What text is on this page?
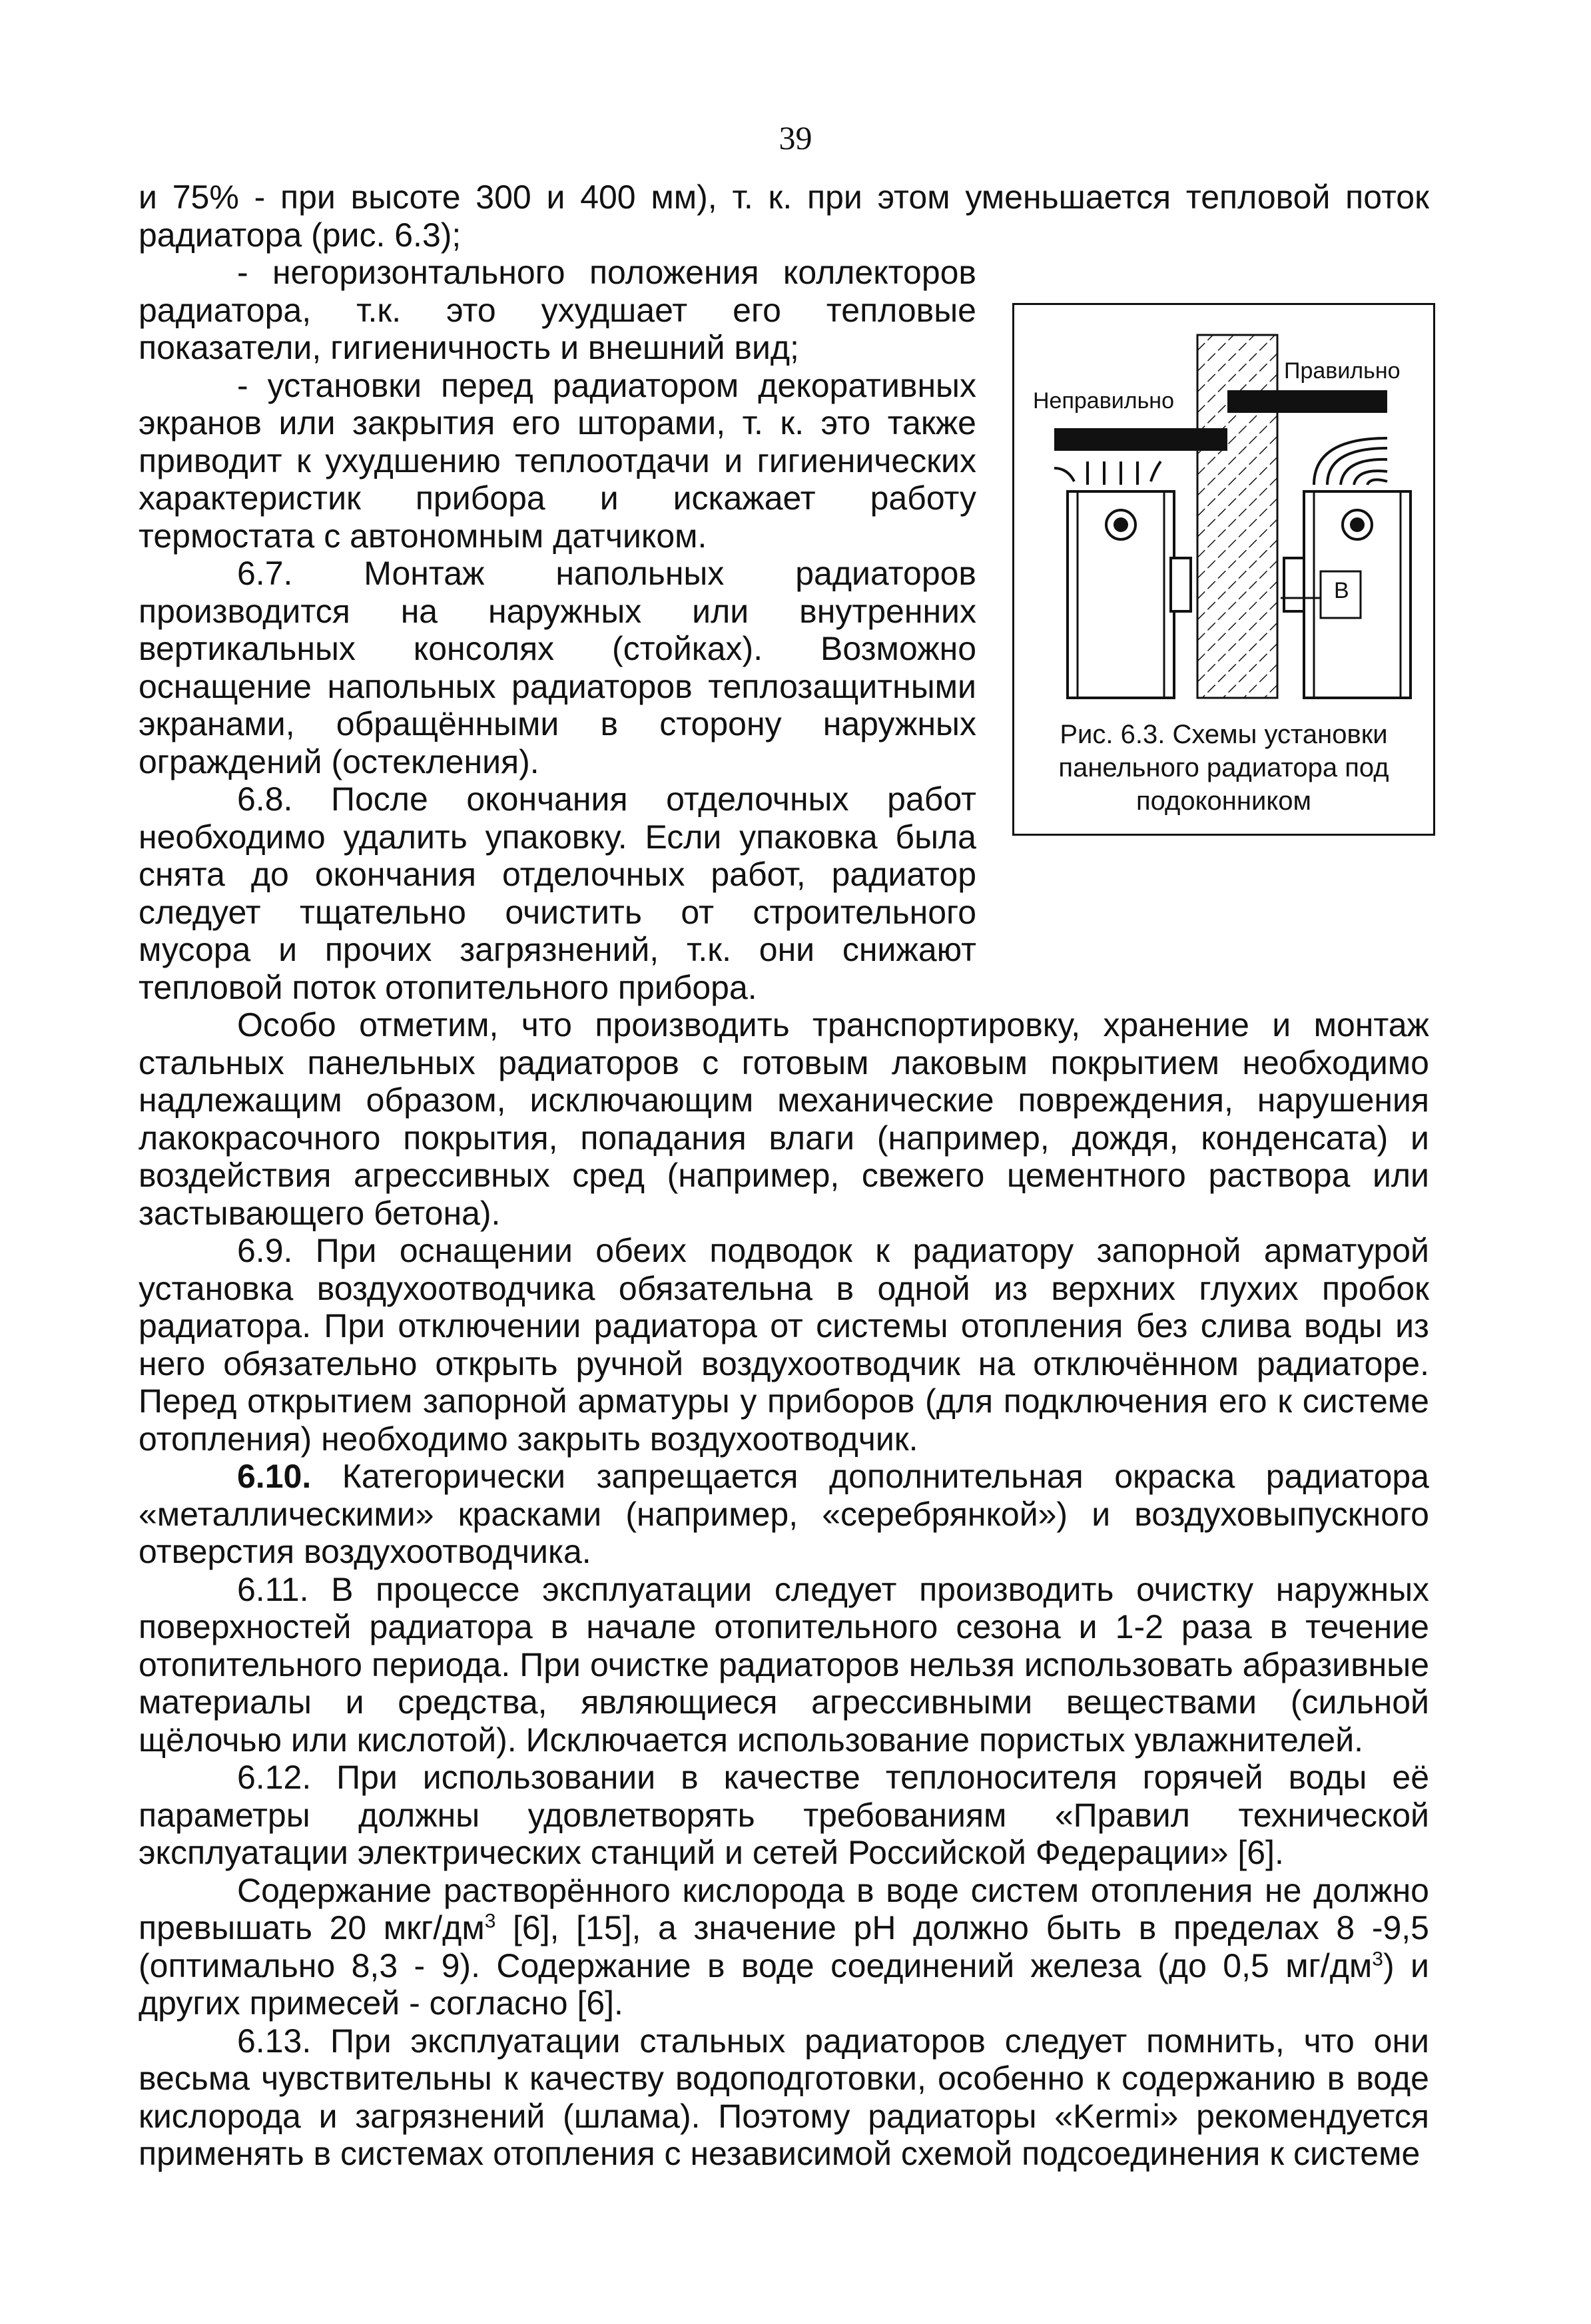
39
Правильно
Неправильно
B
Рис. 6.3. Схемы установки панельного радиатора под подоконником

и 75% - при высоте 300 и 400 мм), т. к. при этом уменьшается тепловой поток радиатора (рис. 6.3);

- негоризонтального положения коллекторов радиатора, т.к. это ухудшает его тепловые показатели, гигиеничность и внешний вид;

- установки перед радиатором декоративных экранов или закрытия его шторами, т. к. это также приводит к ухудшению теплоотдачи и гигиенических характеристик прибора и искажает работу термостата с автономным датчиком.

6.7. Монтаж напольных радиаторов производится на наружных или внутренних вертикальных консолях (стойках). Возможно оснащение напольных радиаторов теплозащитными экранами, обращёнными в сторону наружных ограждений (остекления).

6.8. После окончания отделочных работ необходимо удалить упаковку. Если упаковка была снята до окончания отделочных работ, радиатор следует тщательно очистить от строительного мусора и прочих загрязнений, т.к. они снижают тепловой поток отопительного прибора.

Особо отметим, что производить транспортировку, хранение и монтаж стальных панельных радиаторов с готовым лаковым покрытием необходимо надлежащим образом, исключающим механические повреждения, нарушения лакокрасочного покрытия, попадания влаги (например, дождя, конденсата) и воздействия агрессивных сред (например, свежего цементного раствора или застывающего бетона).

6.9. При оснащении обеих подводок к радиатору запорной арматурой установка воздухоотводчика обязательна в одной из верхних глухих пробок радиатора. При отключении радиатора от системы отопления без слива воды из него обязательно открыть ручной воздухоотводчик на отключённом радиаторе. Перед открытием запорной арматуры у приборов (для подключения его к системе отопления) необходимо закрыть воздухоотводчик.

6.10. Категорически запрещается дополнительная окраска радиатора «металлическими» красками (например, «серебрянкой») и воздуховыпускного отверстия воздухоотводчика.

6.11. В процессе эксплуатации следует производить очистку наружных поверхностей радиатора в начале отопительного сезона и 1-2 раза в течение отопительного периода. При очистке радиаторов нельзя использовать абразивные материалы и средства, являющиеся агрессивными веществами (сильной щёлочью или кислотой). Исключается использование пористых увлажнителей.

6.12. При использовании в качестве теплоносителя горячей воды её параметры должны удовлетворять требованиям «Правил технической эксплуатации электрических станций и сетей Российской Федерации» [6].

Содержание растворённого кислорода в воде систем отопления не должно превышать 20 мкг/$дм^3$ [6], [15], а значение pH должно быть в пределах 8 -9,5 (оптимально 8,3 - 9). Содержание в воде соединений железа (до 0,5 $мг/дм^3$) и других примесей - согласно [6].

6.13. При эксплуатации стальных радиаторов следует помнить, что они весьма чувствительны к качеству водоподготовки, особенно к содержанию в воде кислорода и загрязнений (шлама). Поэтому радиаторы «Kermi» рекомендуется применять в системах отопления с независимой схемой подсоединения к системе
